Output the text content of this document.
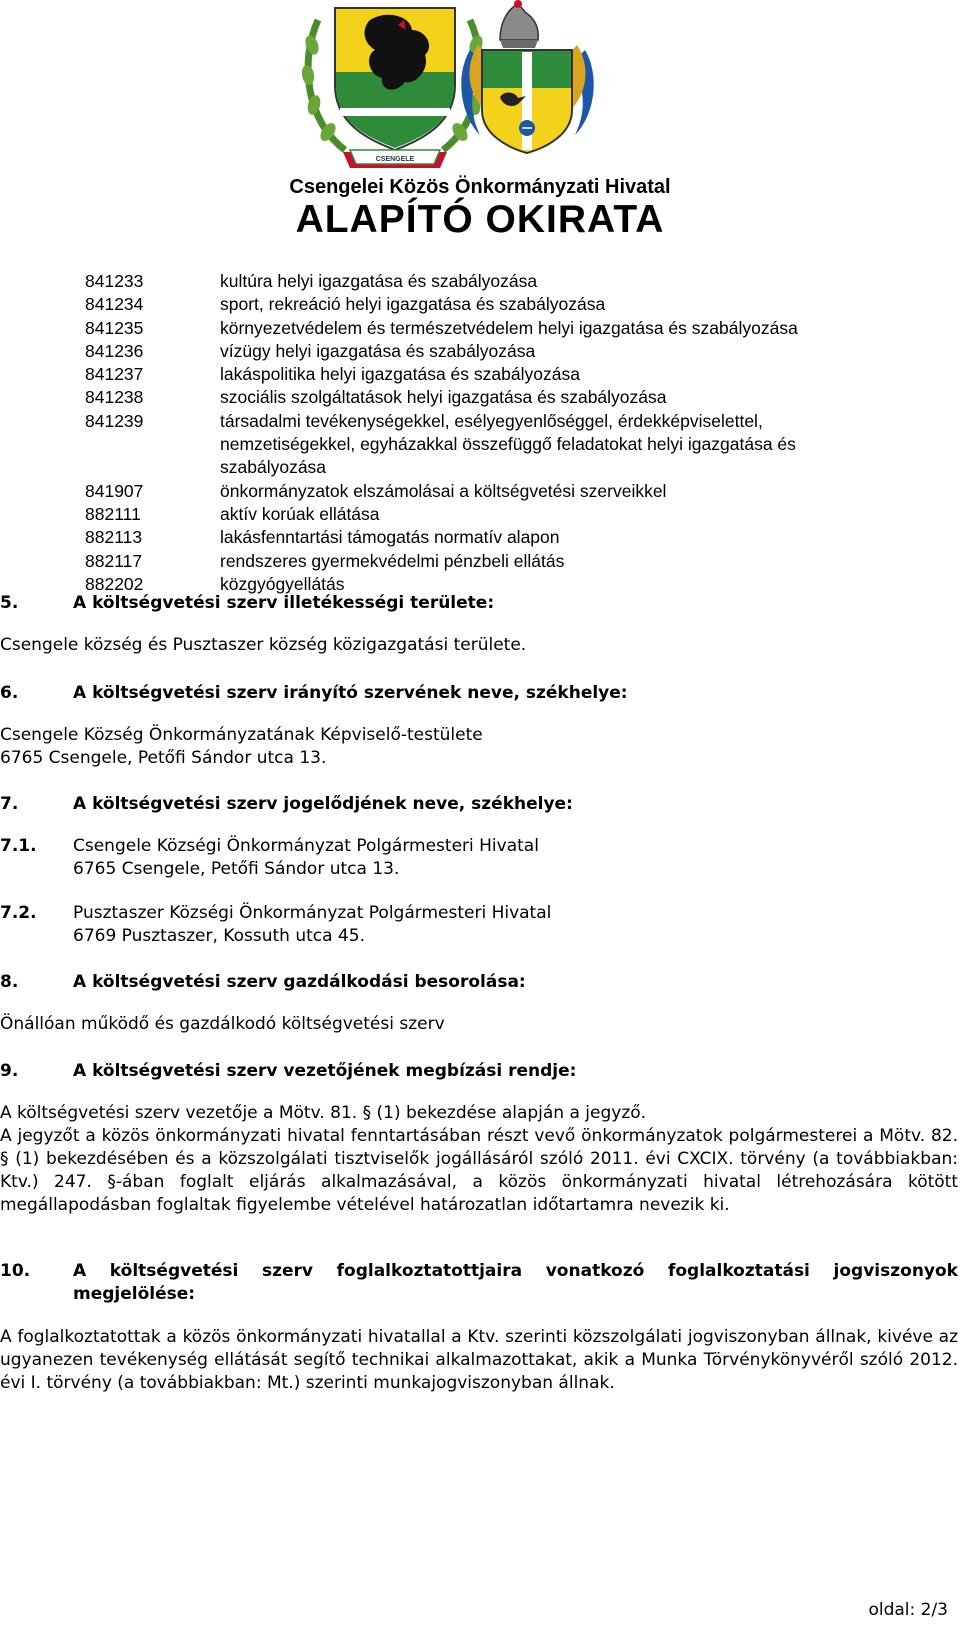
CSENGELE
Csengelei Közös Önkormányzati Hivatal
ALAPÍTÓ OKIRATA
841233	kultúra helyi igazgatása és szabályozása
841234	sport, rekreáció helyi igazgatása és szabályozása
841235	környezetvédelem és természetvédelem helyi igazgatása és szabályozása
841236	vízügy helyi igazgatása és szabályozása
841237	lakáspolitika helyi igazgatása és szabályozása
841238	szociális szolgáltatások helyi igazgatása és szabályozása
841239	társadalmi tevékenységekkel, esélyegyenlőséggel, érdekképviselettel,
nemzetiségekkel, egyházakkal összefüggő feladatokat helyi igazgatása és
szabályozása
841907	önkormányzatok elszámolásai a költségvetési szerveikkel
882111	aktív korúak ellátása
882113	lakásfenntartási támogatás normatív alapon
882117	rendszeres gyermekvédelmi pénzbeli ellátás
882202	közgyógyellátás
5.	A költségvetési szerv illetékességi területe:
Csengele község és Pusztaszer község közigazgatási területe.
6.	A költségvetési szerv irányító szervének neve, székhelye:
Csengele Község Önkormányzatának Képviselő-testülete
6765 Csengele, Petőfi Sándor utca 13.
7.	A költségvetési szerv jogelődjének neve, székhelye:
7.1.	Csengele Községi Önkormányzat Polgármesteri Hivatal
6765 Csengele, Petőfi Sándor utca 13.
7.2.	Pusztaszer Községi Önkormányzat Polgármesteri Hivatal
6769 Pusztaszer, Kossuth utca 45.
8.	A költségvetési szerv gazdálkodási besorolása:
Önállóan működő és gazdálkodó költségvetési szerv
9.	A költségvetési szerv vezetőjének megbízási rendje:
A költségvetési szerv vezetője a Mötv. 81. § (1) bekezdése alapján a jegyző.
A jegyzőt a közös önkormányzati hivatal fenntartásában részt vevő önkormányzatok polgármesterei a Mötv. 82. § (1) bekezdésében és a közszolgálati tisztviselők jogállásáról szóló 2011. évi CXCIX. törvény (a továbbiakban: Ktv.) 247. §-ában foglalt eljárás alkalmazásával, a közös önkormányzati hivatal létrehozására kötött megállapodásban foglaltak figyelembe vételével határozatlan időtartamra nevezik ki.
10.	A költségvetési szerv foglalkoztatottjaira vonatkozó foglalkoztatási jogviszonyok megjelölése:
A foglalkoztatottak a közös önkormányzati hivatallal a Ktv. szerinti közszolgálati jogviszonyban állnak, kivéve az ugyanezen tevékenység ellátását segítő technikai alkalmazottakat, akik a Munka Törvénykönyvéről szóló 2012. évi I. törvény (a továbbiakban: Mt.) szerinti munkajogviszonyban állnak.
oldal: 2/3
